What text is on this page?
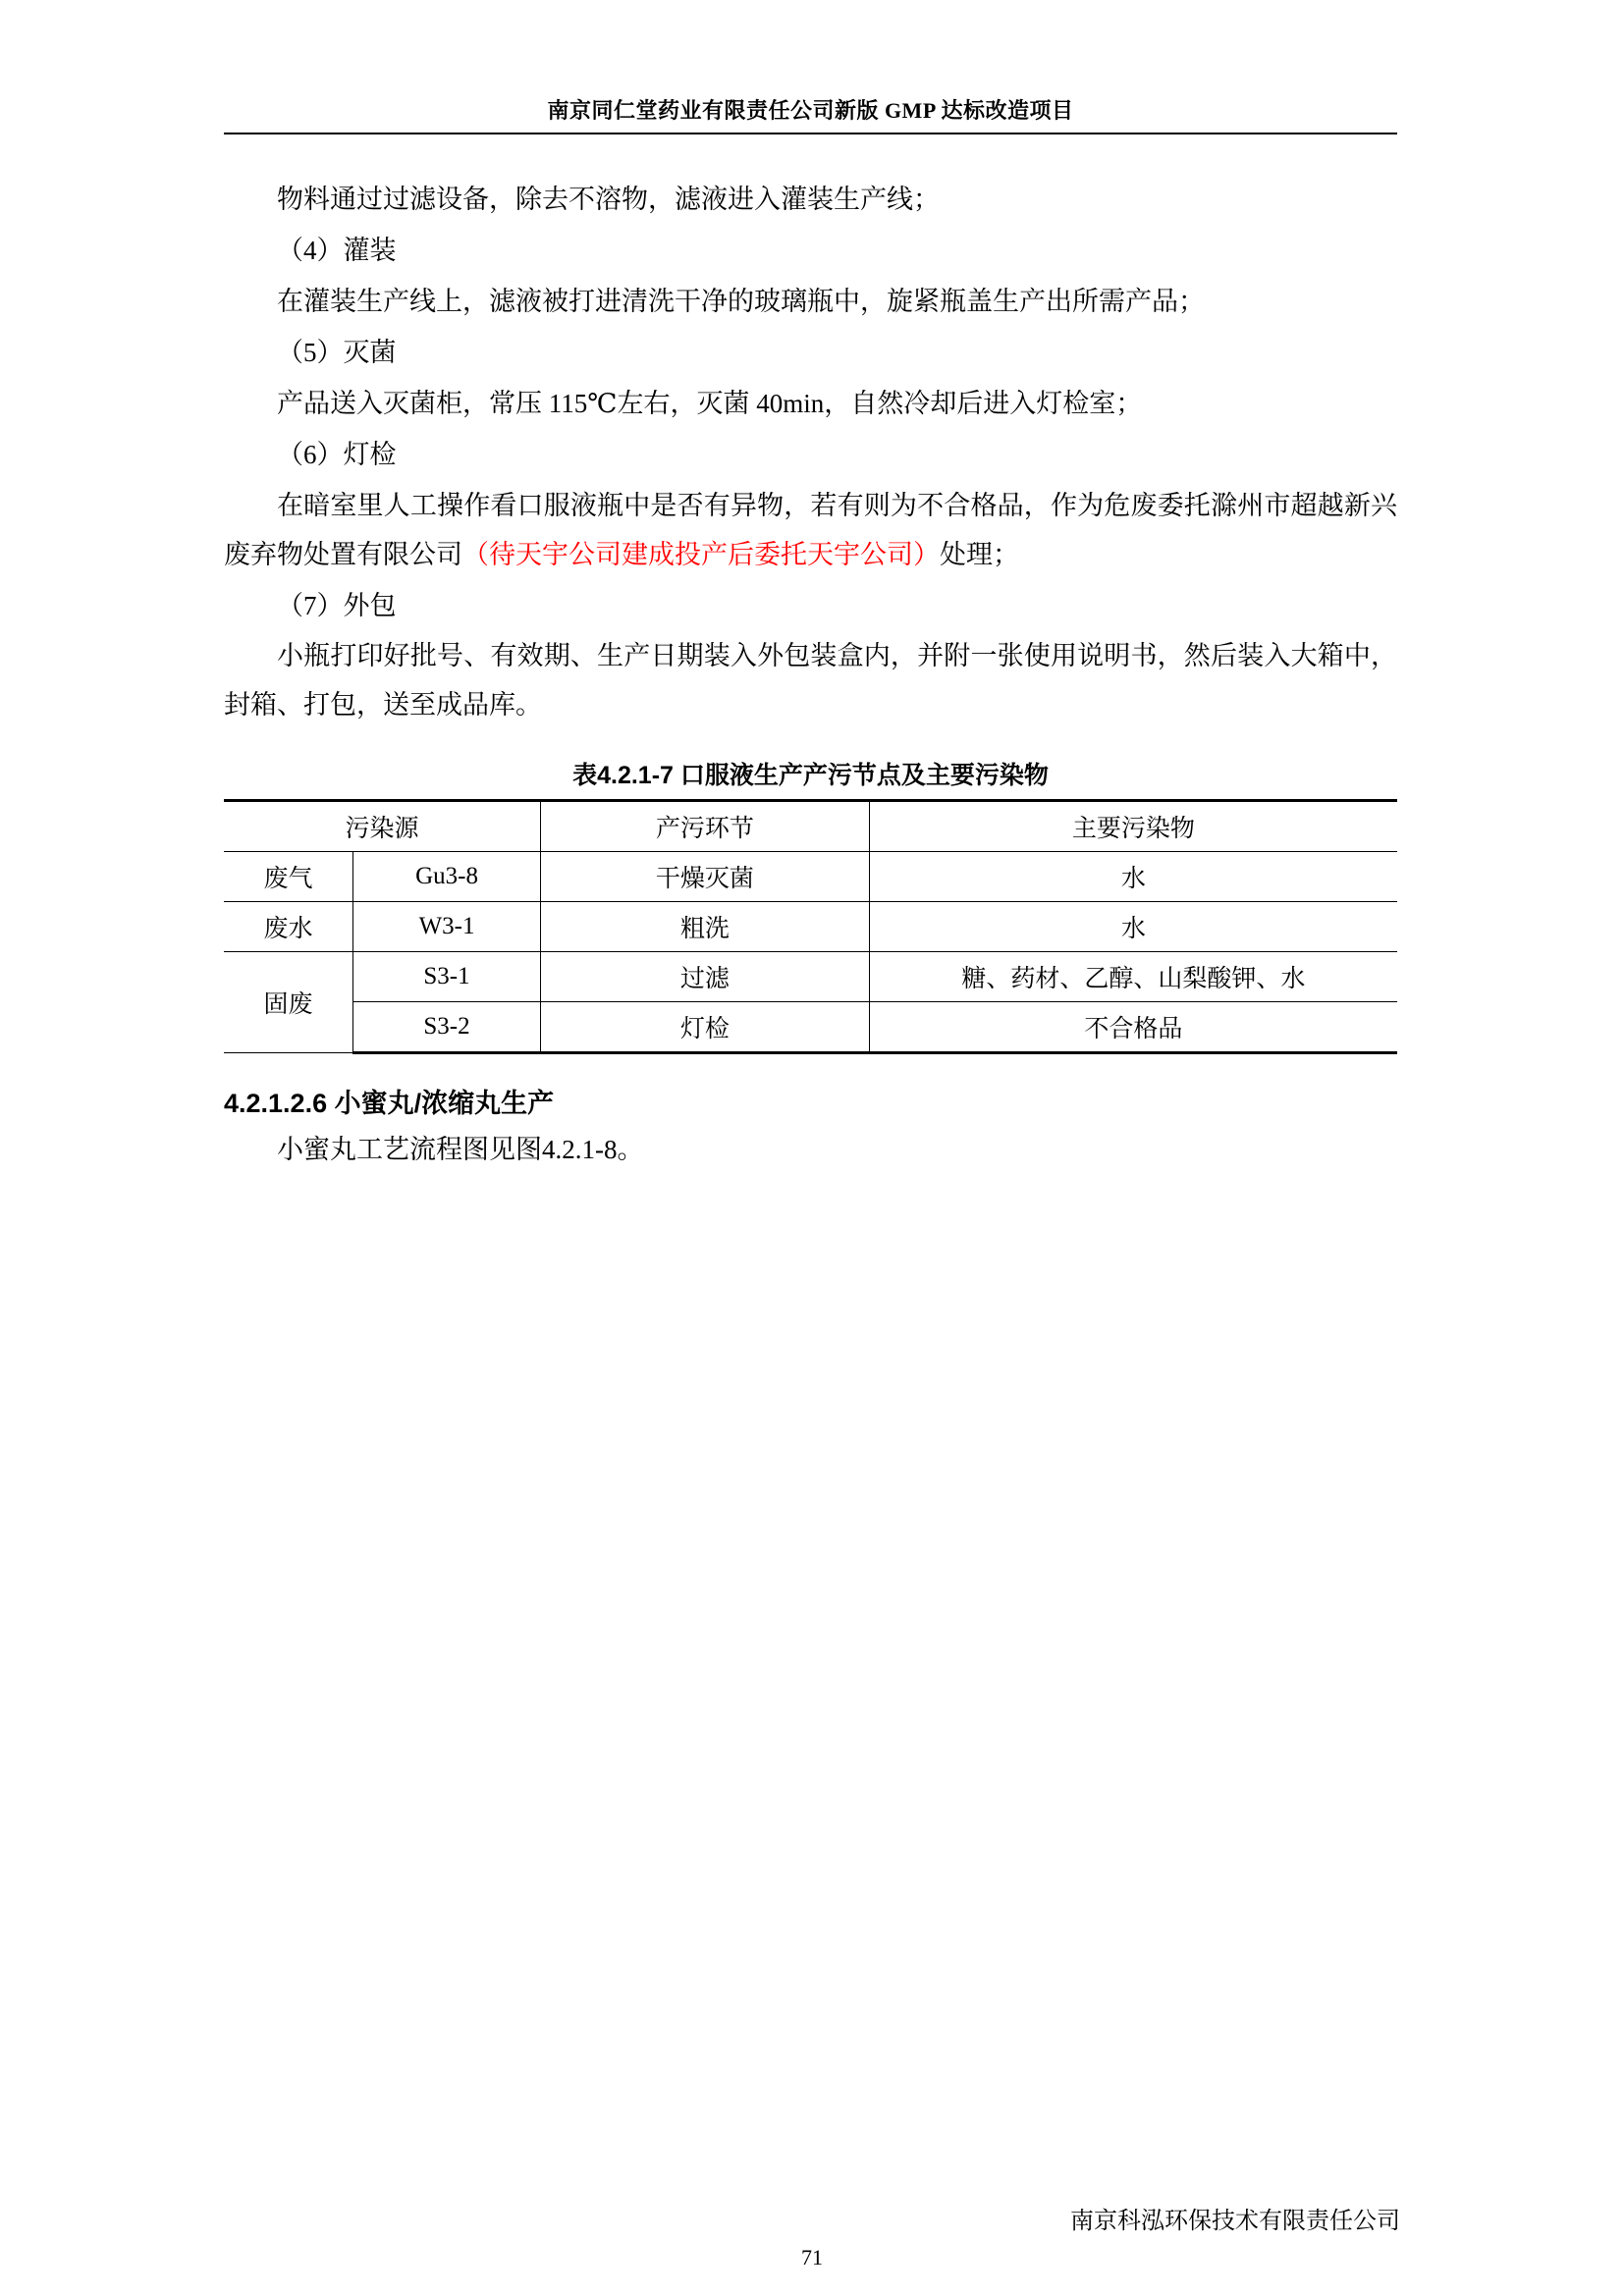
南京同仁堂药业有限责任公司新版 GMP 达标改造项目

物料通过过滤设备，除去不溶物，滤液进入灌装生产线；

（4）灌装

在灌装生产线上，滤液被打进清洗干净的玻璃瓶中，旋紧瓶盖生产出所需产品；

（5）灭菌

产品送入灭菌柜，常压 115℃左右，灭菌 40min，自然冷却后进入灯检室；

（6）灯检

在暗室里人工操作看口服液瓶中是否有异物，若有则为不合格品，作为危废委托滁州市超越新兴废弃物处置有限公司（待天宇公司建成投产后委托天宇公司）处理；

（7）外包

小瓶打印好批号、有效期、生产日期装入外包装盒内，并附一张使用说明书，然后装入大箱中，封箱、打包，送至成品库。

表4.2.1-7 口服液生产产污节点及主要污染物
污染源		产污环节	主要污染物
废气	Gu3-8	干燥灭菌	水
废水	W3-1	粗洗	水
固废	S3-1	过滤	糖、药材、乙醇、山梨酸钾、水
	S3-2	灯检	不合格品
4.2.1.2.6 小蜜丸/浓缩丸生产

小蜜丸工艺流程图见图4.2.1-8。

71
南京科泓环保技术有限责任公司
